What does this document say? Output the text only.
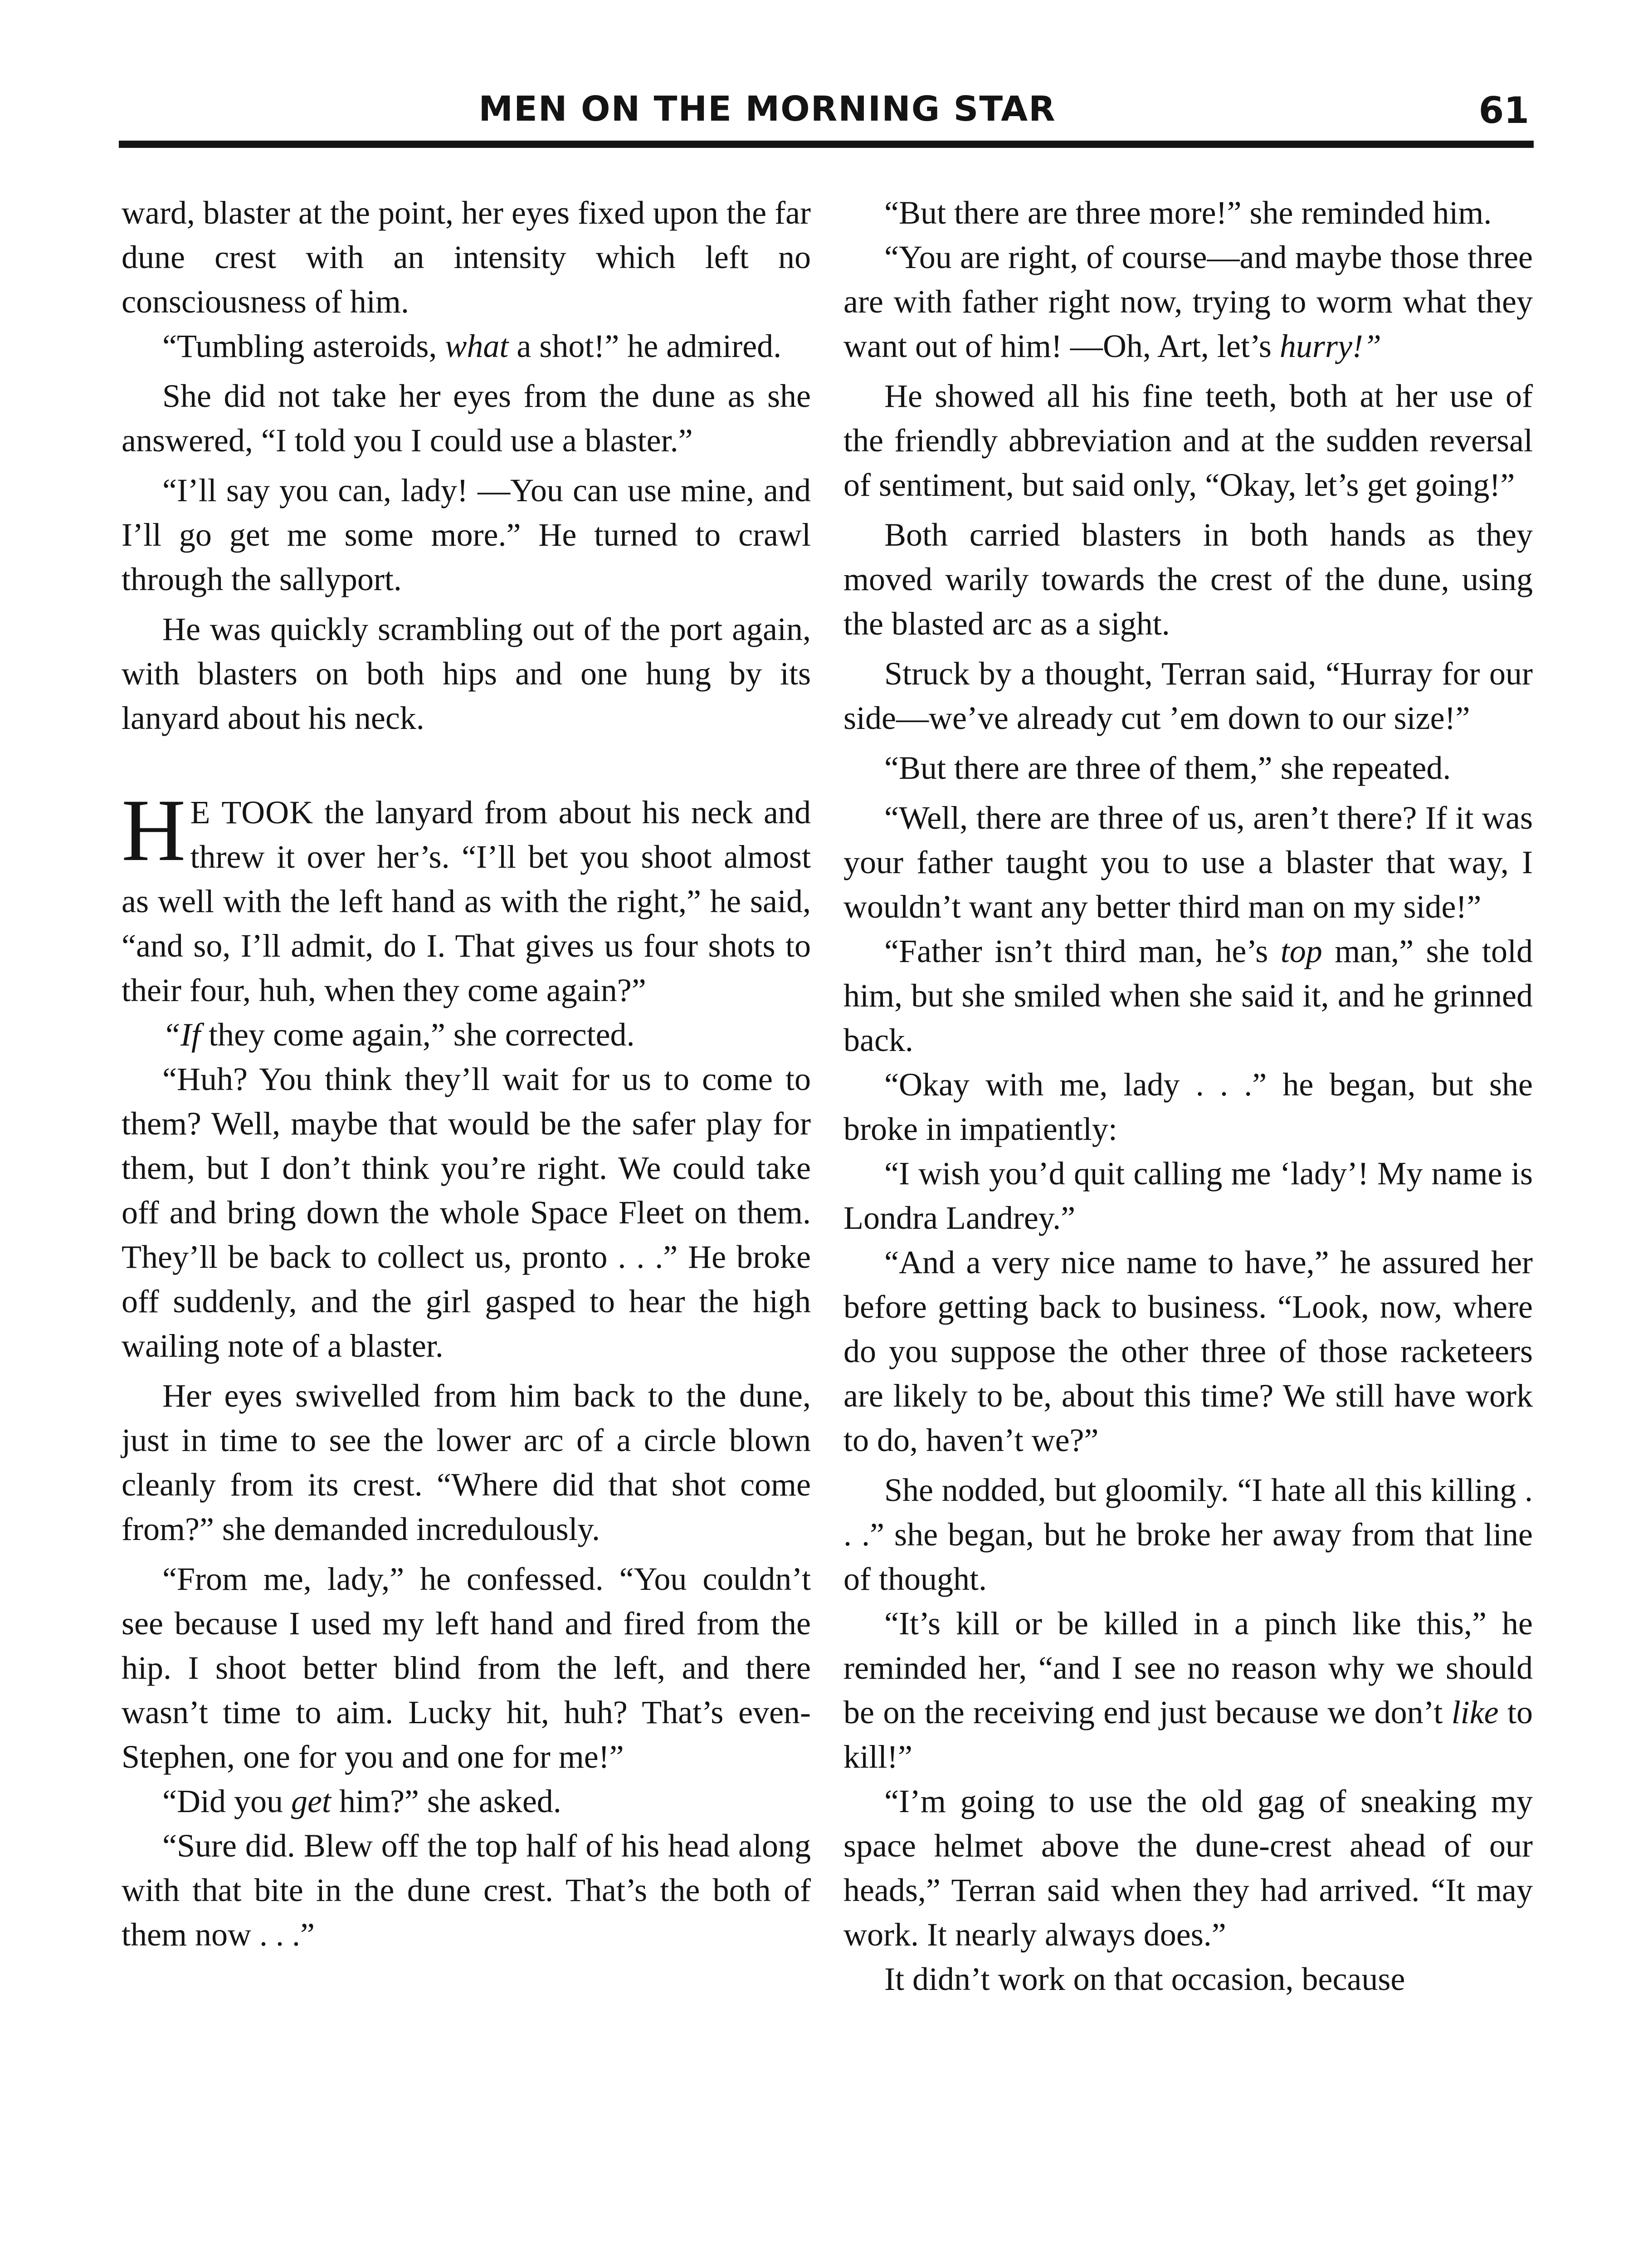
MEN ON THE MORNING STAR	61

ward, blaster at the point, her eyes fixed upon the far dune crest with an intensity which left no consciousness of him.

“Tumbling asteroids, what a shot!” he admired.

She did not take her eyes from the dune as she answered, “I told you I could use a blaster.”

“I’ll say you can, lady! —You can use mine, and I’ll go get me some more.” He turned to crawl through the sallyport.

He was quickly scrambling out of the port again, with blasters on both hips and one hung by its lanyard about his neck.

H E TOOK the lanyard from about his neck and threw it over her’s. “I’ll bet you shoot almost as well with the left hand as with the right,” he said, “and so, I’ll admit, do I. That gives us four shots to their four, huh, when they come again?”

“If they come again,” she corrected.

“Huh? You think they’ll wait for us to come to them? Well, maybe that would be the safer play for them, but I don’t think you’re right. We could take off and bring down the whole Space Fleet on them. They’ll be back to collect us, pronto . . .” He broke off suddenly, and the girl gasped to hear the high wailing note of a blaster.

Her eyes swivelled from him back to the dune, just in time to see the lower arc of a circle blown cleanly from its crest. “Where did that shot come from?” she demanded incredulously.

“From me, lady,” he confessed. “You couldn’t see because I used my left hand and fired from the hip. I shoot better blind from the left, and there wasn’t time to aim. Lucky hit, huh? That’s even-Stephen, one for you and one for me!”

“Did you get him?” she asked.

“Sure did. Blew off the top half of his head along with that bite in the dune crest. That’s the both of them now . . .”

“But there are three more!” she reminded him.

“You are right, of course—and maybe those three are with father right now, trying to worm what they want out of him! —Oh, Art, let’s hurry!”

He showed all his fine teeth, both at her use of the friendly abbreviation and at the sudden reversal of sentiment, but said only, “Okay, let’s get going!”

Both carried blasters in both hands as they moved warily towards the crest of the dune, using the blasted arc as a sight.

Struck by a thought, Terran said, “Hurray for our side—we’ve already cut ’em down to our size!”

“But there are three of them,” she repeated.

“Well, there are three of us, aren’t there? If it was your father taught you to use a blaster that way, I wouldn’t want any better third man on my side!”

“Father isn’t third man, he’s top man,” she told him, but she smiled when she said it, and he grinned back.

“Okay with me, lady . . .” he began, but she broke in impatiently:

“I wish you’d quit calling me ‘lady’! My name is Londra Landrey.”

“And a very nice name to have,” he assured her before getting back to business. “Look, now, where do you suppose the other three of those racketeers are likely to be, about this time? We still have work to do, haven’t we?”

She nodded, but gloomily. “I hate all this killing . . .” she began, but he broke her away from that line of thought.

“It’s kill or be killed in a pinch like this,” he reminded her, “and I see no reason why we should be on the receiving end just because we don’t like to kill!”

“I’m going to use the old gag of sneaking my space helmet above the dune-crest ahead of our heads,” Terran said when they had arrived. “It may work. It nearly always does.”

It didn’t work on that occasion, because
